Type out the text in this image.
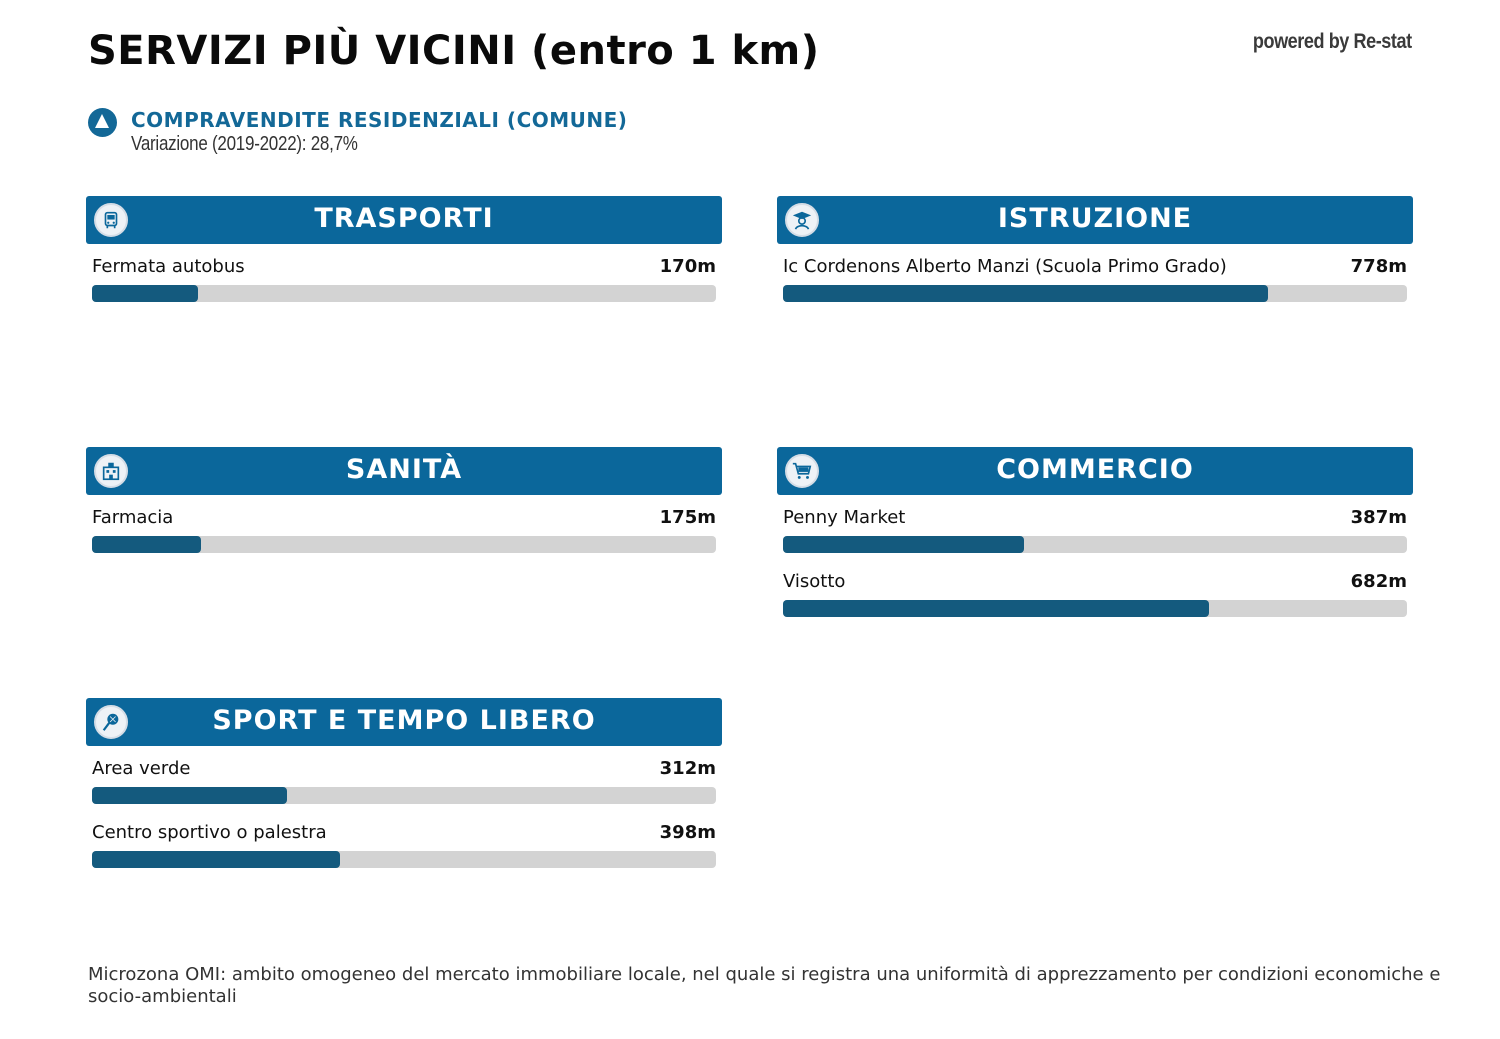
SERVIZI PIÙ VICINI (entro 1 km)	powered by Re-stat
COMPRAVENDITE RESIDENZIALI (COMUNE)
Variazione (2019-2022): 28,7%
TRASPORTI
Fermata autobus	170m
ISTRUZIONE
Ic Cordenons Alberto Manzi (Scuola Primo Grado)	778m
SANITÀ
Farmacia	175m
COMMERCIO
Penny Market	387m
Visotto	682m
SPORT E TEMPO LIBERO
Area verde	312m
Centro sportivo o palestra	398m
Microzona OMI: ambito omogeneo del mercato immobiliare locale, nel quale si registra una uniformità di apprezzamento per condizioni economiche e socio-ambientali
